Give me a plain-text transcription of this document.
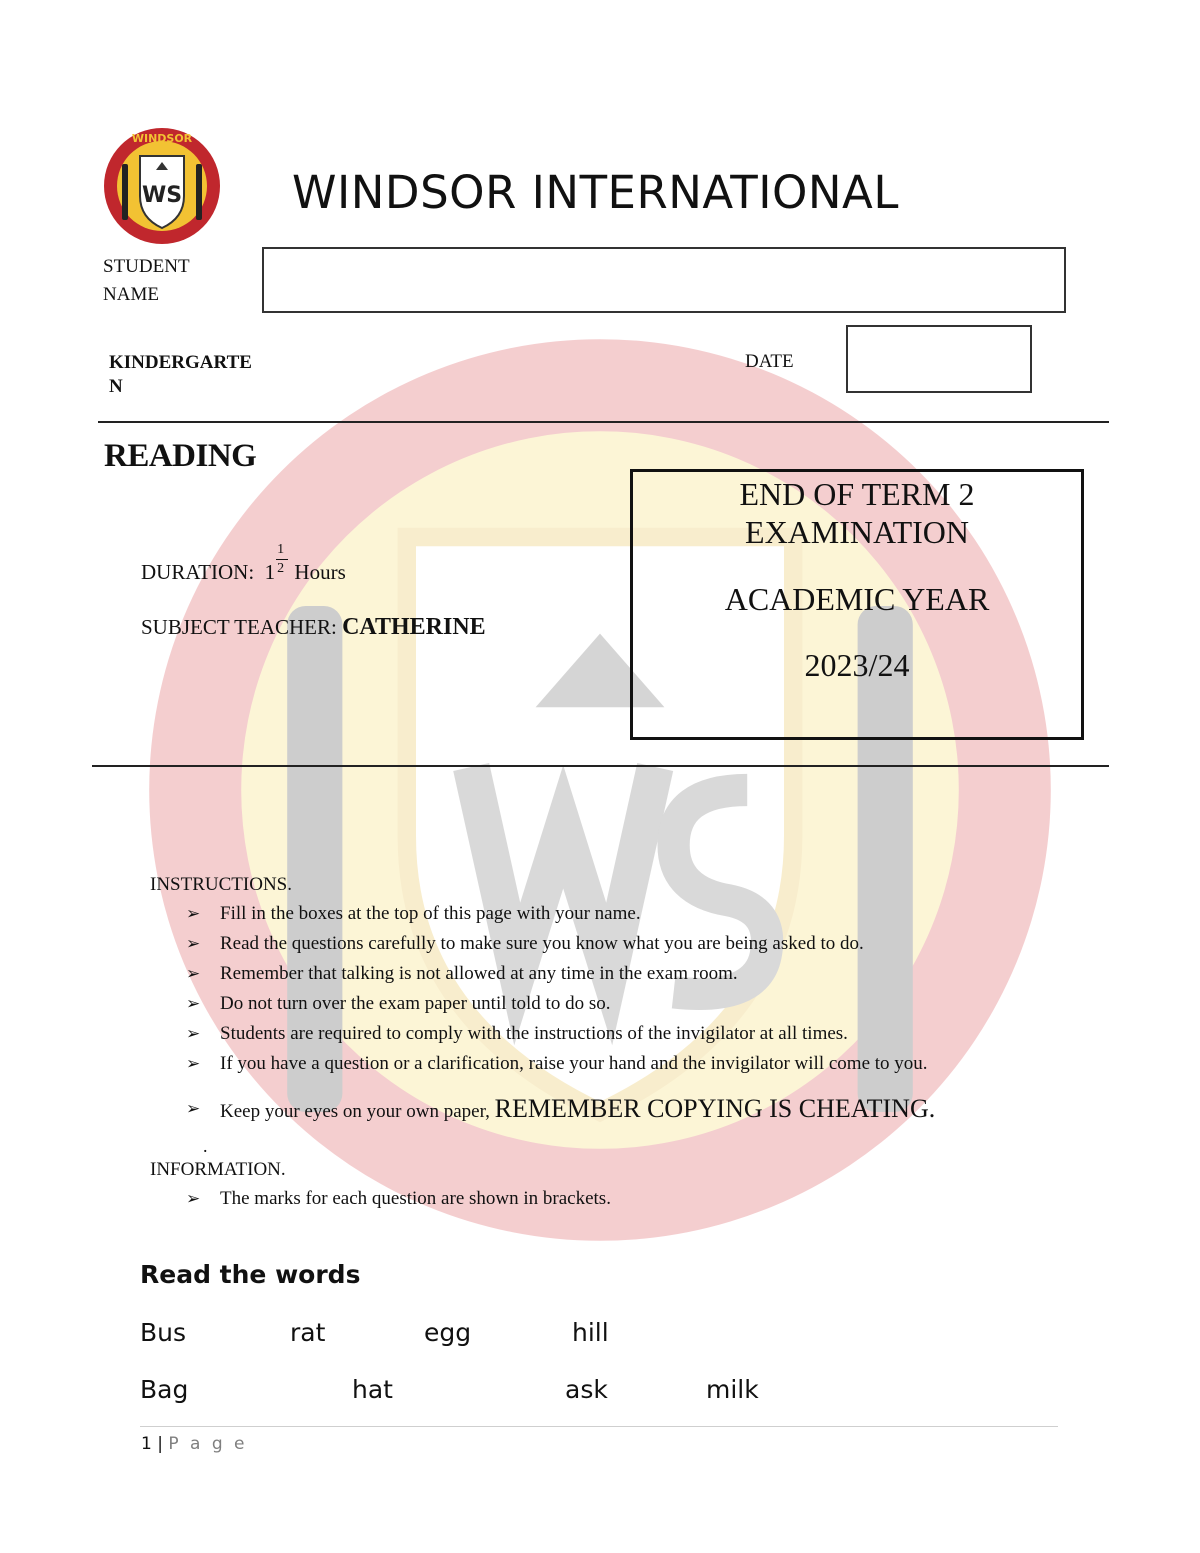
WINDSOR
WS WINDSOR INTERNATIONAL
STUDENT
NAME
KINDERGARTE
N
DATE
READING
END OF TERM 2
EXAMINATION
ACADEMIC YEAR
2023/24
DURATION: $1 \frac{1}{2}$ Hours
SUBJECT TEACHER: CATHERINE
INSTRUCTIONS.
➢ Fill in the boxes at the top of this page with your name.
➢ Read the questions carefully to make sure you know what you are being asked to do.
➢ Remember that talking is not allowed at any time in the exam room.
➢ Do not turn over the exam paper until told to do so.
➢ Students are required to comply with the instructions of the invigilator at all times.
➢ If you have a question or a clarification, raise your hand and the invigilator will come to you.
➢ Keep your eyes on your own paper, REMEMBER COPYING IS CHEATING.
.
INFORMATION.
➢ The marks for each question are shown in brackets.
Read the words
Bus	rat	egg	hill
Bag	hat	ask	milk
1 | P a g e
